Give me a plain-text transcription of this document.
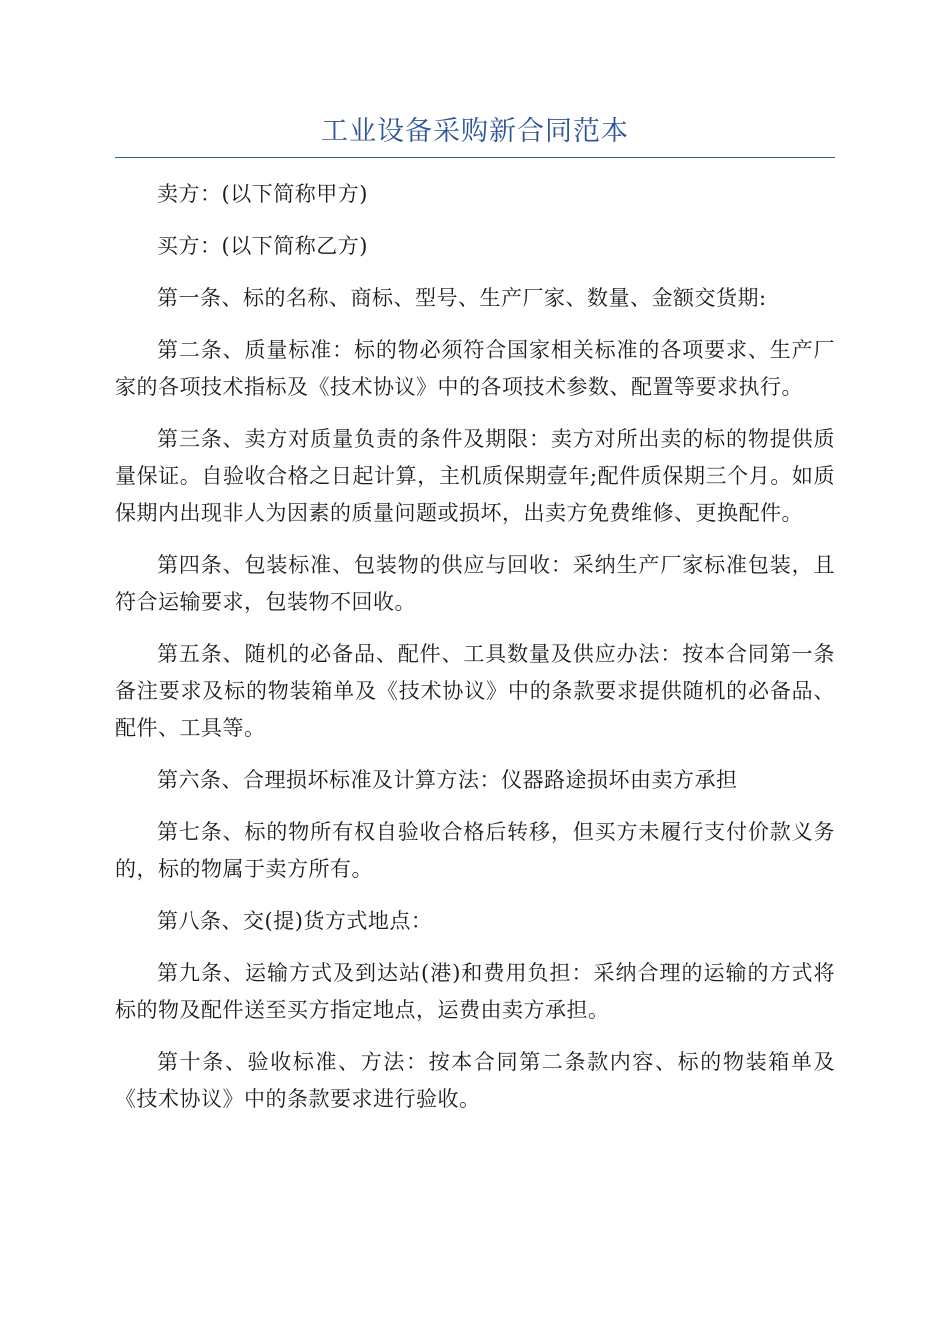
工业设备采购新合同范本

卖方：(以下简称甲方)

买方：(以下简称乙方)

第一条、标的名称、商标、型号、生产厂家、数量、金额交货期:

第二条、质量标准：标的物必须符合国家相关标准的各项要求、生产厂家的各项技术指标及《技术协议》中的各项技术参数、配置等要求执行。

第三条、卖方对质量负责的条件及期限：卖方对所出卖的标的物提供质量保证。自验收合格之日起计算，主机质保期壹年;配件质保期三个月。如质保期内出现非人为因素的质量问题或损坏，出卖方免费维修、更换配件。

第四条、包装标准、包装物的供应与回收：采纳生产厂家标准包装，且符合运输要求，包装物不回收。

第五条、随机的必备品、配件、工具数量及供应办法：按本合同第一条备注要求及标的物装箱单及《技术协议》中的条款要求提供随机的必备品、配件、工具等。

第六条、合理损坏标准及计算方法：仪器路途损坏由卖方承担

第七条、标的物所有权自验收合格后转移，但买方未履行支付价款义务的，标的物属于卖方所有。

第八条、交(提)货方式地点：

第九条、运输方式及到达站(港)和费用负担：采纳合理的运输的方式将标的物及配件送至买方指定地点，运费由卖方承担。

第十条、验收标准、方法：按本合同第二条款内容、标的物装箱单及《技术协议》中的条款要求进行验收。
